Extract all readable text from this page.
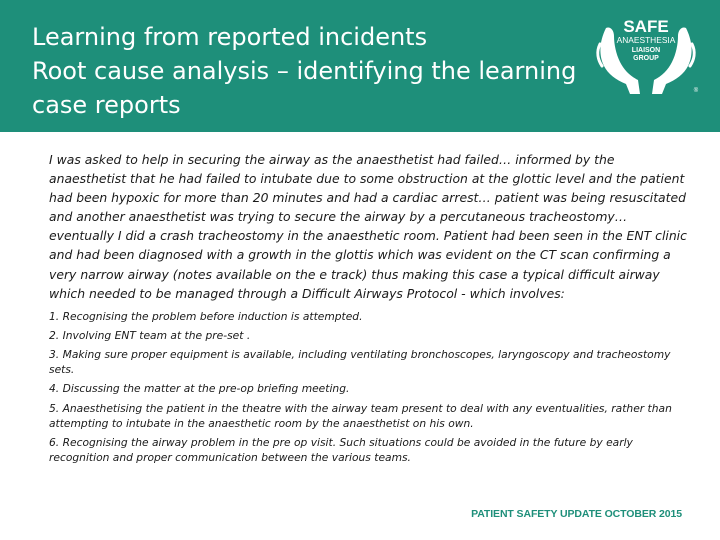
Learning from reported incidents
Root cause analysis – identifying the learning
case reports
SAFE
ANAESTHESIA
LIAISON
GROUP
®

I was asked to help in securing the airway as the anaesthetist had failed… informed by the anaesthetist that he had failed to intubate due to some obstruction at the glottic level and the patient had been hypoxic for more than 20 minutes and had a cardiac arrest… patient was being resuscitated and another anaesthetist was trying to secure the airway by a percutaneous tracheostomy… eventually I did a crash tracheostomy in the anaesthetic room. Patient had been seen in the ENT clinic and had been diagnosed with a growth in the glottis which was evident on the CT scan confirming a very narrow airway (notes available on the e track) thus making this case a typical difficult airway which needed to be managed through a Difficult Airways Protocol - which involves:

1. Recognising the problem before induction is attempted.
2. Involving ENT team at the pre-set .
3. Making sure proper equipment is available, including ventilating bronchoscopes, laryngoscopy and tracheostomy sets.
4. Discussing the matter at the pre-op briefing meeting.
5. Anaesthetising the patient in the theatre with the airway team present to deal with any eventualities, rather than attempting to intubate in the anaesthetic room by the anaesthetist on his own.
6. Recognising the airway problem in the pre op visit. Such situations could be avoided in the future by early recognition and proper communication between the various teams.
PATIENT SAFETY UPDATE OCTOBER 2015
